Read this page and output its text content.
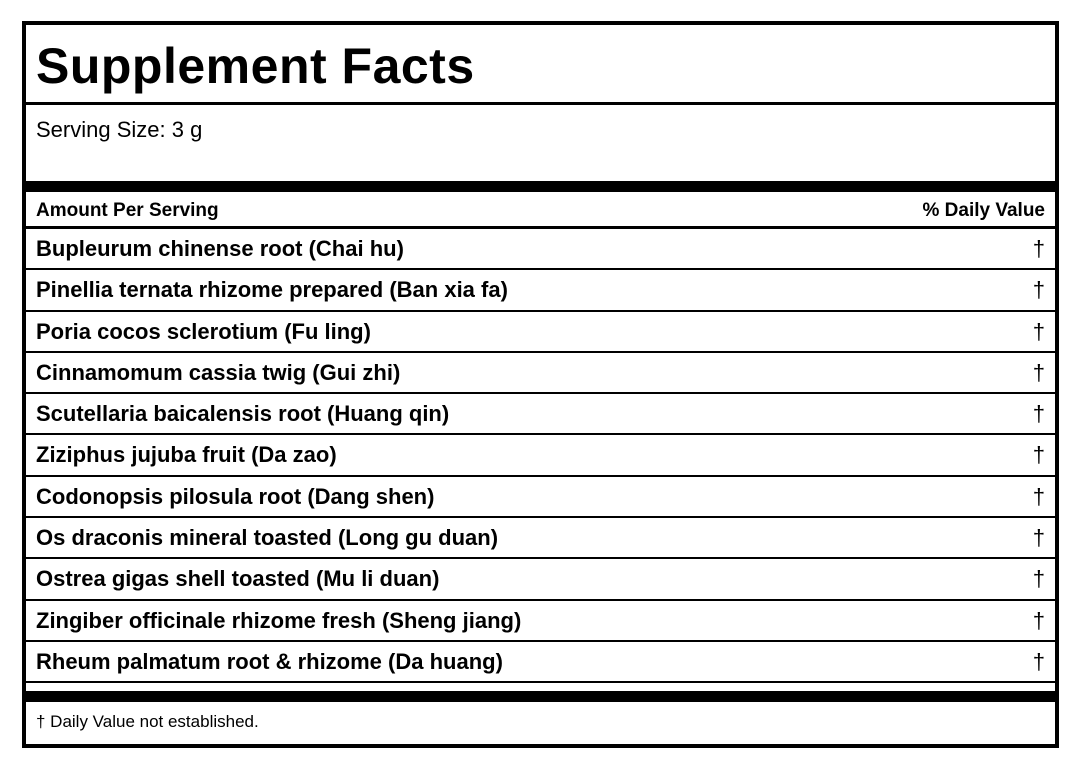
Supplement Facts
Serving Size: 3 g
Amount Per Serving	% Daily Value
Bupleurum chinense root (Chai hu)	†
Pinellia ternata rhizome prepared (Ban xia fa)	†
Poria cocos sclerotium (Fu ling)	†
Cinnamomum cassia twig (Gui zhi)	†
Scutellaria baicalensis root (Huang qin)	†
Ziziphus jujuba fruit (Da zao)	†
Codonopsis pilosula root (Dang shen)	†
Os draconis mineral toasted (Long gu duan)	†
Ostrea gigas shell toasted (Mu li duan)	†
Zingiber officinale rhizome fresh (Sheng jiang)	†
Rheum palmatum root & rhizome (Da huang)	†
† Daily Value not established.
